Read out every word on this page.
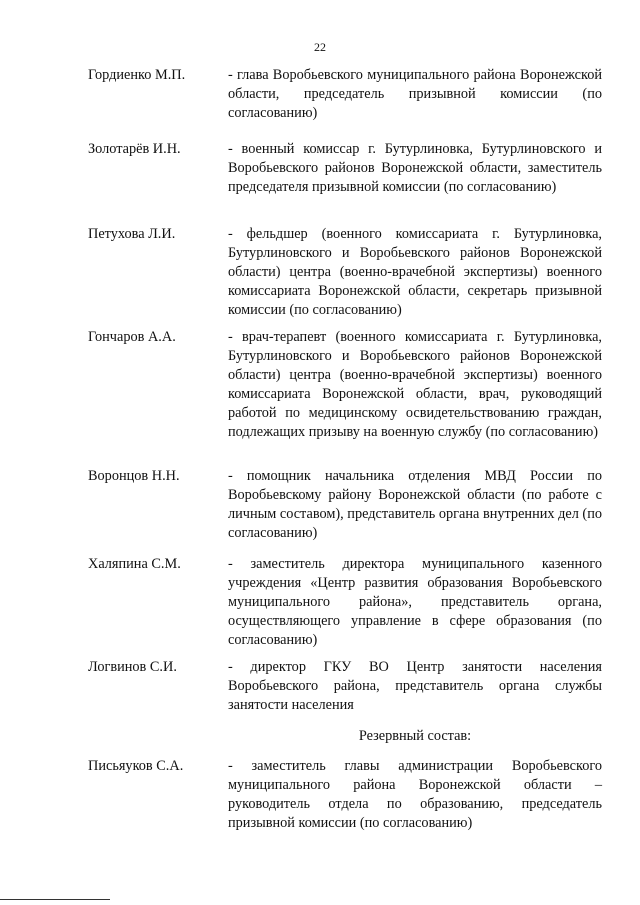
22
Гордиенко М.П.	- глава Воробьевского муниципального района Воронежской области, председатель призывной комиссии (по согласованию)
Золотарёв И.Н.	- военный комиссар г. Бутурлиновка, Бутурлиновского и Воробьевского районов Воронежской области, заместитель председателя призывной комиссии (по согласованию)
Петухова Л.И.	- фельдшер (военного комиссариата г. Бутурлиновка, Бутурлиновского и Воробьевского районов Воронежской области) центра (военно-врачебной экспертизы) военного комиссариата Воронежской области, секретарь призывной комиссии (по согласованию)
Гончаров А.А.	- врач-терапевт (военного комиссариата г. Бутурлиновка, Бутурлиновского и Воробьевского районов Воронежской области) центра (военно-врачебной экспертизы) военного комиссариата Воронежской области, врач, руководящий работой по медицинскому освидетельствованию граждан, подлежащих призыву на военную службу (по согласованию)
Воронцов Н.Н.	- помощник начальника отделения МВД России по Воробьевскому району Воронежской области (по работе с личным составом), представитель органа внутренних дел (по согласованию)
Халяпина С.М.	- заместитель директора муниципального казенного учреждения «Центр развития образования Воробьевского муниципального района», представитель органа, осуществляющего управление в сфере образования (по согласованию)
Логвинов С.И.	- директор ГКУ ВО Центр занятости населения Воробьевского района, представитель органа службы занятости населения
Резервный состав:
Письяуков С.А.	- заместитель главы администрации Воробьевского муниципального района Воронежской области – руководитель отдела по образованию, председатель призывной комиссии (по согласованию)
